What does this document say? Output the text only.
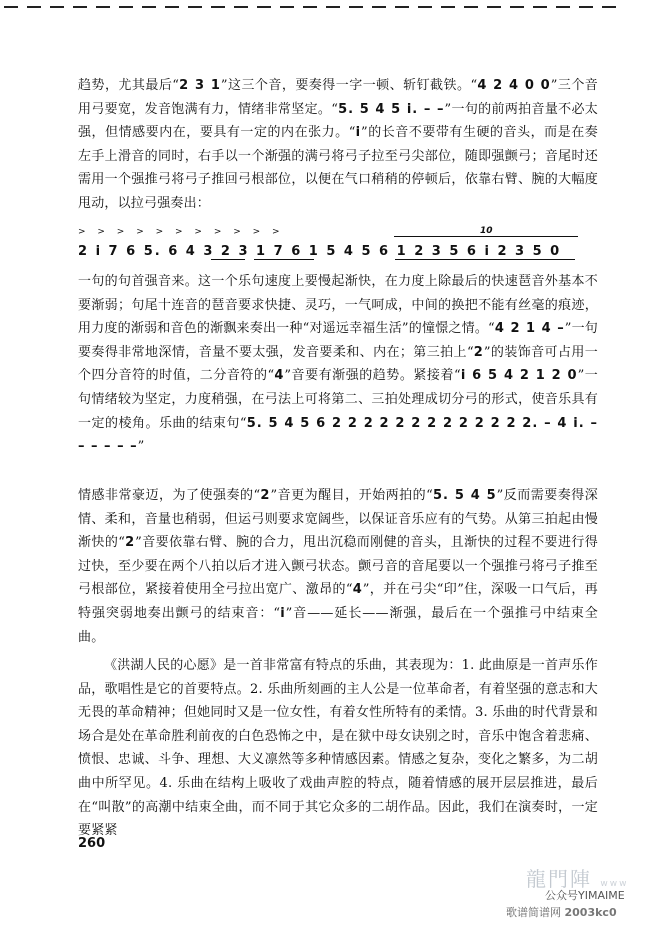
趋势，尤其最后“2 3 1”这三个音，要奏得一字一顿、斩钉截铁。“4 2 4 0 0”三个音用弓要宽，发音饱满有力，情绪非常坚定。“5. 5 4 5 i. – –”一句的前两拍音量不必太强，但情感要内在，要具有一定的内在张力。“i”的长音不要带有生硬的音头，而是在奏左手上滑音的同时，右手以一个渐强的满弓将弓子拉至弓尖部位，随即强颤弓；音尾时还需用一个强推弓将弓子推回弓根部位，以便在气口稍稍的停顿后，依靠右臂、腕的大幅度甩动，以拉弓强奏出：

> > > > > > > > > > >	10

2 i 7 6 5. 6 4 3 2 3 1 7 6 1 5 4 5 6 1 2 3 5 6 i 2 3 5 0

一句的句首强音来。这一个乐句速度上要慢起渐快，在力度上除最后的快速琶音外基本不要渐弱；句尾十连音的琶音要求快捷、灵巧，一气呵成，中间的换把不能有丝毫的痕迹，用力度的渐弱和音色的渐飘来奏出一种“对遥远幸福生活”的憧憬之情。“4 2 1 4 –”一句要奏得非常地深情，音量不要太强，发音要柔和、内在；第三拍上“2”的装饰音可占用一个四分音符的时值，二分音符的“4”音要有渐强的趋势。紧接着“i 6 5 4 2 1 2 0”一句情绪较为坚定，力度稍强，在弓法上可将第二、三拍处理成切分弓的形式，使音乐具有一定的棱角。乐曲的结束句“5. 5 4 5 6 2 2 2 2 2 2 2 2 2 2 2 2 2. – 4 i. – – – – – –”

情感非常豪迈，为了使强奏的“2”音更为醒目，开始两拍的“5. 5 4 5”反而需要奏得深情、柔和，音量也稍弱，但运弓则要求宽阔些，以保证音乐应有的气势。从第三拍起由慢渐快的“2”音要依靠右臂、腕的合力，甩出沉稳而刚健的音头，且渐快的过程不要进行得过快，至少要在两个八拍以后才进入颤弓状态。颤弓音的音尾要以一个强推弓将弓子推至弓根部位，紧接着使用全弓拉出宽广、激昂的“4”，并在弓尖“印”住，深吸一口气后，再特强突弱地奏出颤弓的结束音：“i”音——延长——渐强，最后在一个强推弓中结束全曲。

《洪湖人民的心愿》是一首非常富有特点的乐曲，其表现为：1. 此曲原是一首声乐作品，歌唱性是它的首要特点。2. 乐曲所刻画的主人公是一位革命者，有着坚强的意志和大无畏的革命精神；但她同时又是一位女性，有着女性所特有的柔情。3. 乐曲的时代背景和场合是处在革命胜利前夜的白色恐怖之中，是在狱中母女诀别之时，音乐中饱含着悲痛、愤恨、忠诚、斗争、理想、大义凛然等多种情感因素。情感之复杂，变化之繁多，为二胡曲中所罕见。4. 乐曲在结构上吸收了戏曲声腔的特点，随着情感的展开层层推进，最后在“叫散”的高潮中结束全曲，而不同于其它众多的二胡作品。因此，我们在演奏时，一定要紧紧

260
龍門陣 www
公众号YIMAIME
歌谱简谱网 2003kc0
